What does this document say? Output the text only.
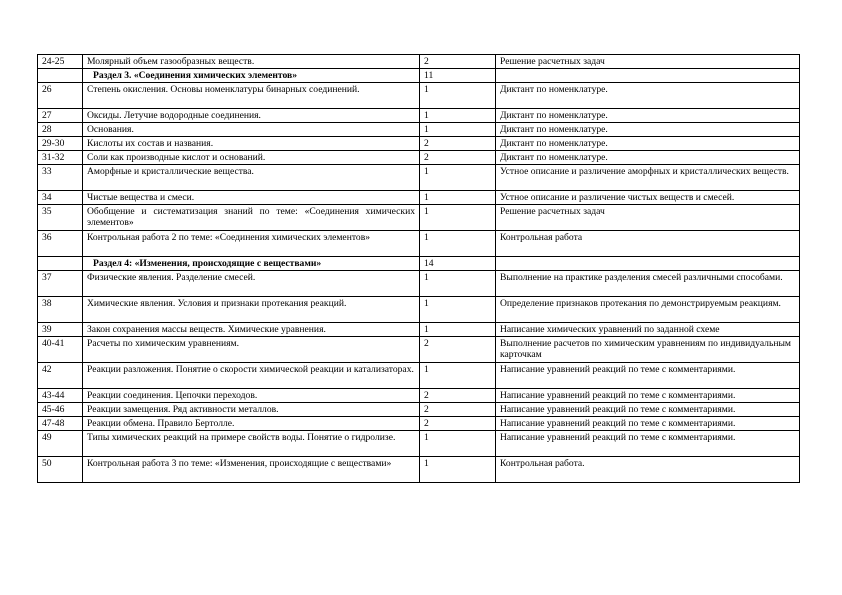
24-25	Молярный объем газообразных веществ.	2	Решение расчетных задач
	Раздел 3. «Соединения химических элементов»	11	
26	Степень окисления. Основы номенклатуры бинарных соединений.	1	Диктант по номенклатуре.
27	Оксиды. Летучие водородные соединения.	1	Диктант по номенклатуре.
28	Основания.	1	Диктант по номенклатуре.
29-30	Кислоты их состав и названия.	2	Диктант по номенклатуре.
31-32	Соли как производные кислот и оснований.	2	Диктант по номенклатуре.
33	Аморфные и кристаллические вещества.	1	Устное описание и различение аморфных и кристаллических веществ.
34	Чистые вещества и смеси.	1	Устное описание и различение чистых веществ и смесей.
35	Обобщение и систематизация знаний по теме: «Соединения химических элементов»	1	Решение расчетных задач
36	Контрольная работа 2 по теме: «Соединения химических элементов»	1	Контрольная работа
	Раздел 4: «Изменения, происходящие с веществами»	14	
37	Физические явления. Разделение смесей.	1	Выполнение на практике разделения смесей различными способами.
38	Химические явления. Условия и признаки протекания реакций.	1	Определение признаков протекания по демонстрируемым реакциям.
39	Закон сохранения массы веществ. Химические уравнения.	1	Написание химических уравнений по заданной схеме
40-41	Расчеты по химическим уравнениям.	2	Выполнение расчетов по химическим уравнениям по индивидуальным карточкам
42	Реакции разложения. Понятие о скорости химической реакции и катализаторах.	1	Написание уравнений реакций по теме с комментариями.
43-44	Реакции соединения. Цепочки переходов.	2	Написание уравнений реакций по теме с комментариями.
45-46	Реакции замещения. Ряд активности металлов.	2	Написание уравнений реакций по теме с комментариями.
47-48	Реакции обмена. Правило Бертолле.	2	Написание уравнений реакций по теме с комментариями.
49	Типы химических реакций на примере свойств воды. Понятие о гидролизе.	1	Написание уравнений реакций по теме с комментариями.
50	Контрольная работа 3 по теме: «Изменения, происходящие с веществами»	1	Контрольная работа.
